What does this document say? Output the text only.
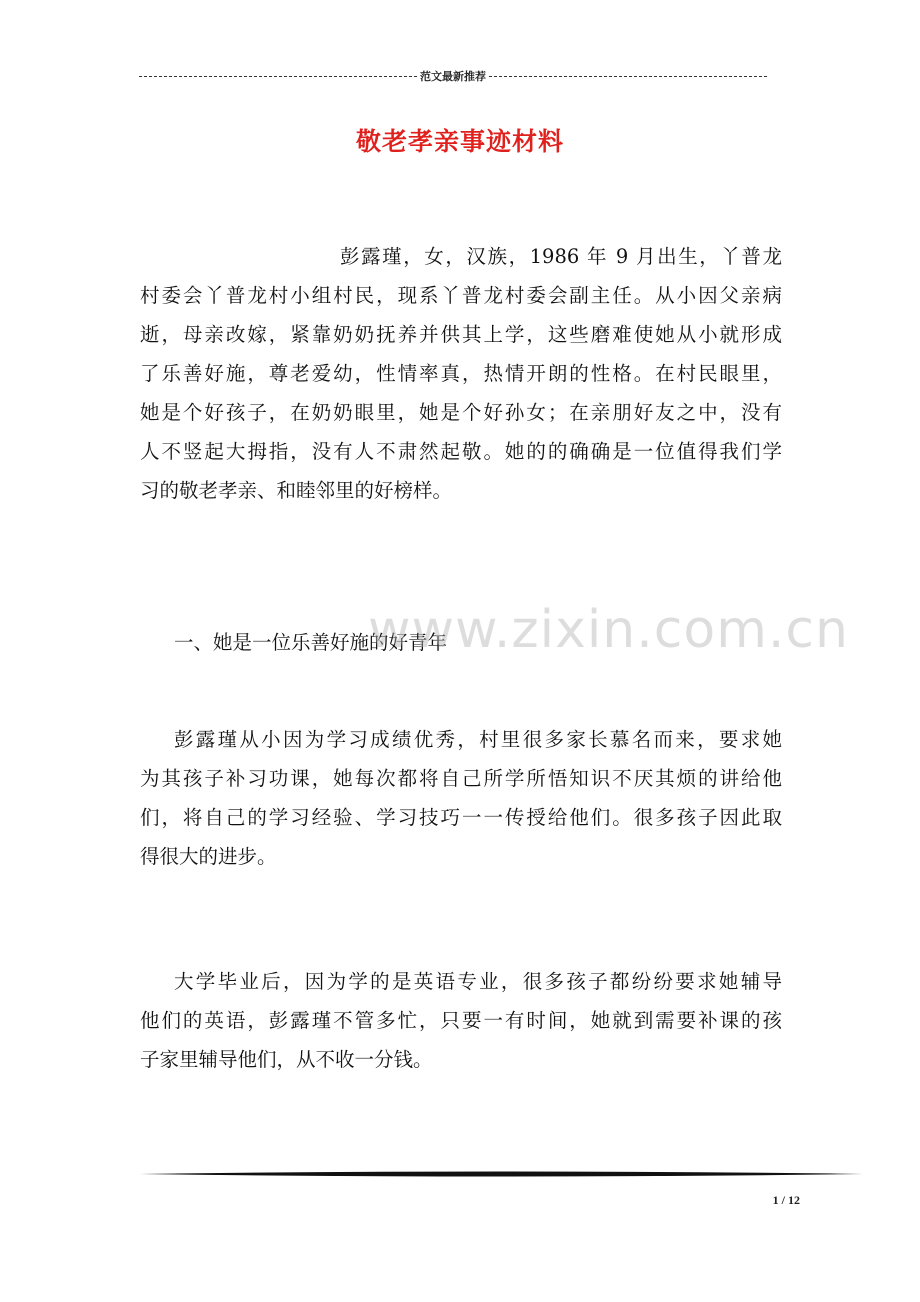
范文最新推荐
敬老孝亲事迹材料
彭露瑾，女，汉族，1986 年 9 月出生，丫普龙
村委会丫普龙村小组村民，现系丫普龙村委会副主任。从小因父亲病
逝，母亲改嫁，紧靠奶奶抚养并供其上学，这些磨难使她从小就形成
了乐善好施，尊老爱幼，性情率真，热情开朗的性格。在村民眼里，
她是个好孩子，在奶奶眼里，她是个好孙女；在亲朋好友之中，没有
人不竖起大拇指，没有人不肃然起敬。她的的确确是一位值得我们学
习的敬老孝亲、和睦邻里的好榜样。
一、她是一位乐善好施的好青年
彭露瑾从小因为学习成绩优秀，村里很多家长慕名而来，要求她
为其孩子补习功课，她每次都将自己所学所悟知识不厌其烦的讲给他
们，将自己的学习经验、学习技巧一一传授给他们。很多孩子因此取
得很大的进步。
大学毕业后，因为学的是英语专业，很多孩子都纷纷要求她辅导
他们的英语，彭露瑾不管多忙，只要一有时间，她就到需要补课的孩
子家里辅导他们，从不收一分钱。
www.zixin.com.cn
1 / 12
